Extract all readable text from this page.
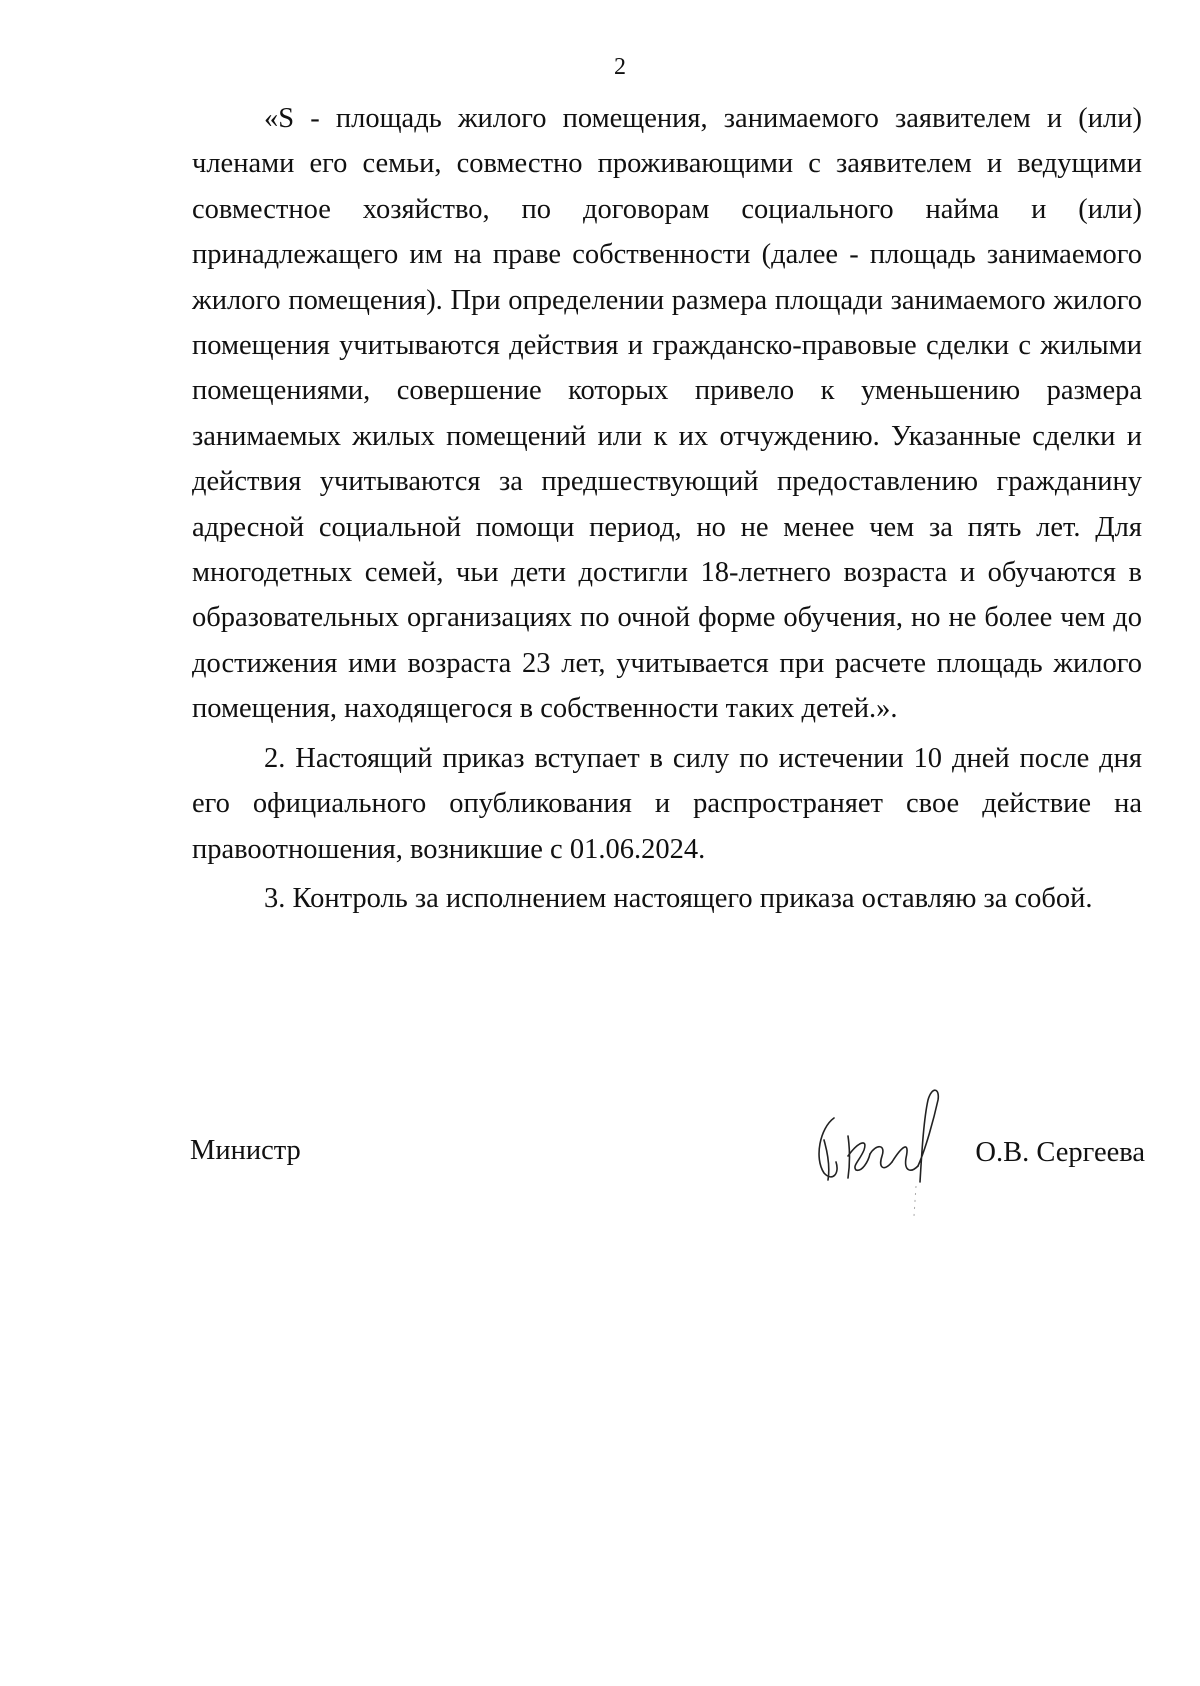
2

«S - площадь жилого помещения, занимаемого заявителем и (или) членами его семьи, совместно проживающими с заявителем и ведущими совместное хозяйство, по договорам социального найма и (или) принадлежащего им на праве собственности (далее - площадь занимаемого жилого помещения). При определении размера площади занимаемого жилого помещения учитываются действия и гражданско-правовые сделки с жилыми помещениями, совершение которых привело к уменьшению размера занимаемых жилых помещений или к их отчуждению. Указанные сделки и действия учитываются за предшествующий предоставлению гражданину адресной социальной помощи период, но не менее чем за пять лет. Для многодетных семей, чьи дети достигли 18-летнего возраста и обучаются в образовательных организациях по очной форме обучения, но не более чем до достижения ими возраста 23 лет, учитывается при расчете площадь жилого помещения, находящегося в собственности таких детей.».

2. Настоящий приказ вступает в силу по истечении 10 дней после дня его официального опубликования и распространяет свое действие на правоотношения, возникшие с 01.06.2024.

3. Контроль за исполнением настоящего приказа оставляю за собой.

Министр	О.В. Сергеева
